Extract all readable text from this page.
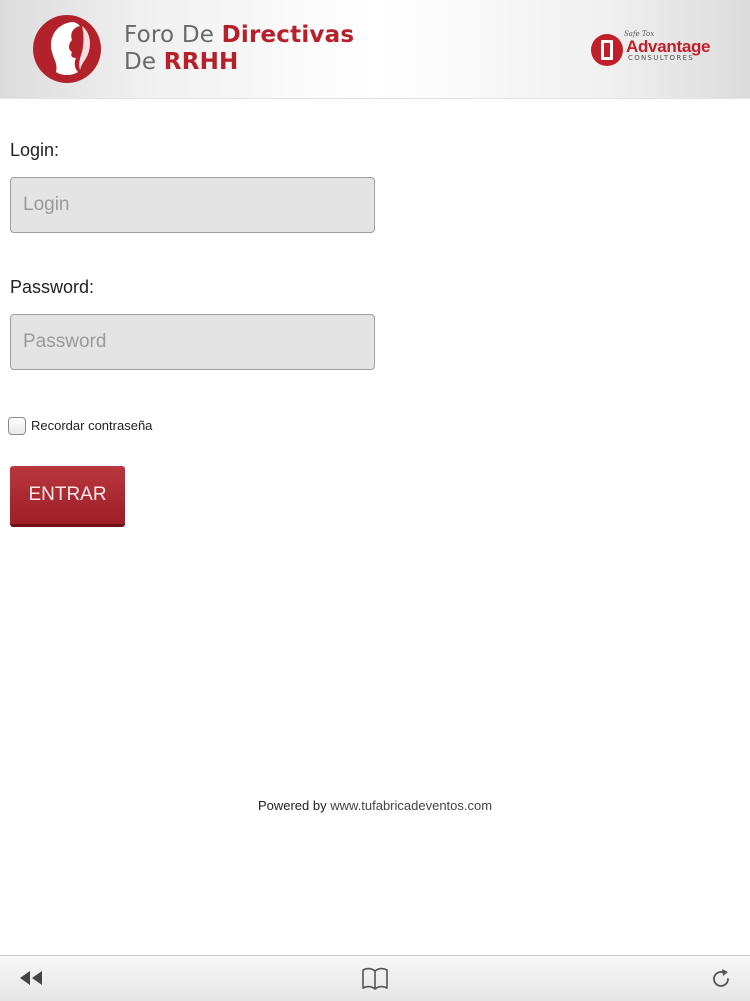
Foro De Directivas
De RRHH
Safe Tox
Advantage
CONSULTORES
Login:
Login
Password:
Recordar contraseña
ENTRAR
Powered by www.tufabricadeventos.com
